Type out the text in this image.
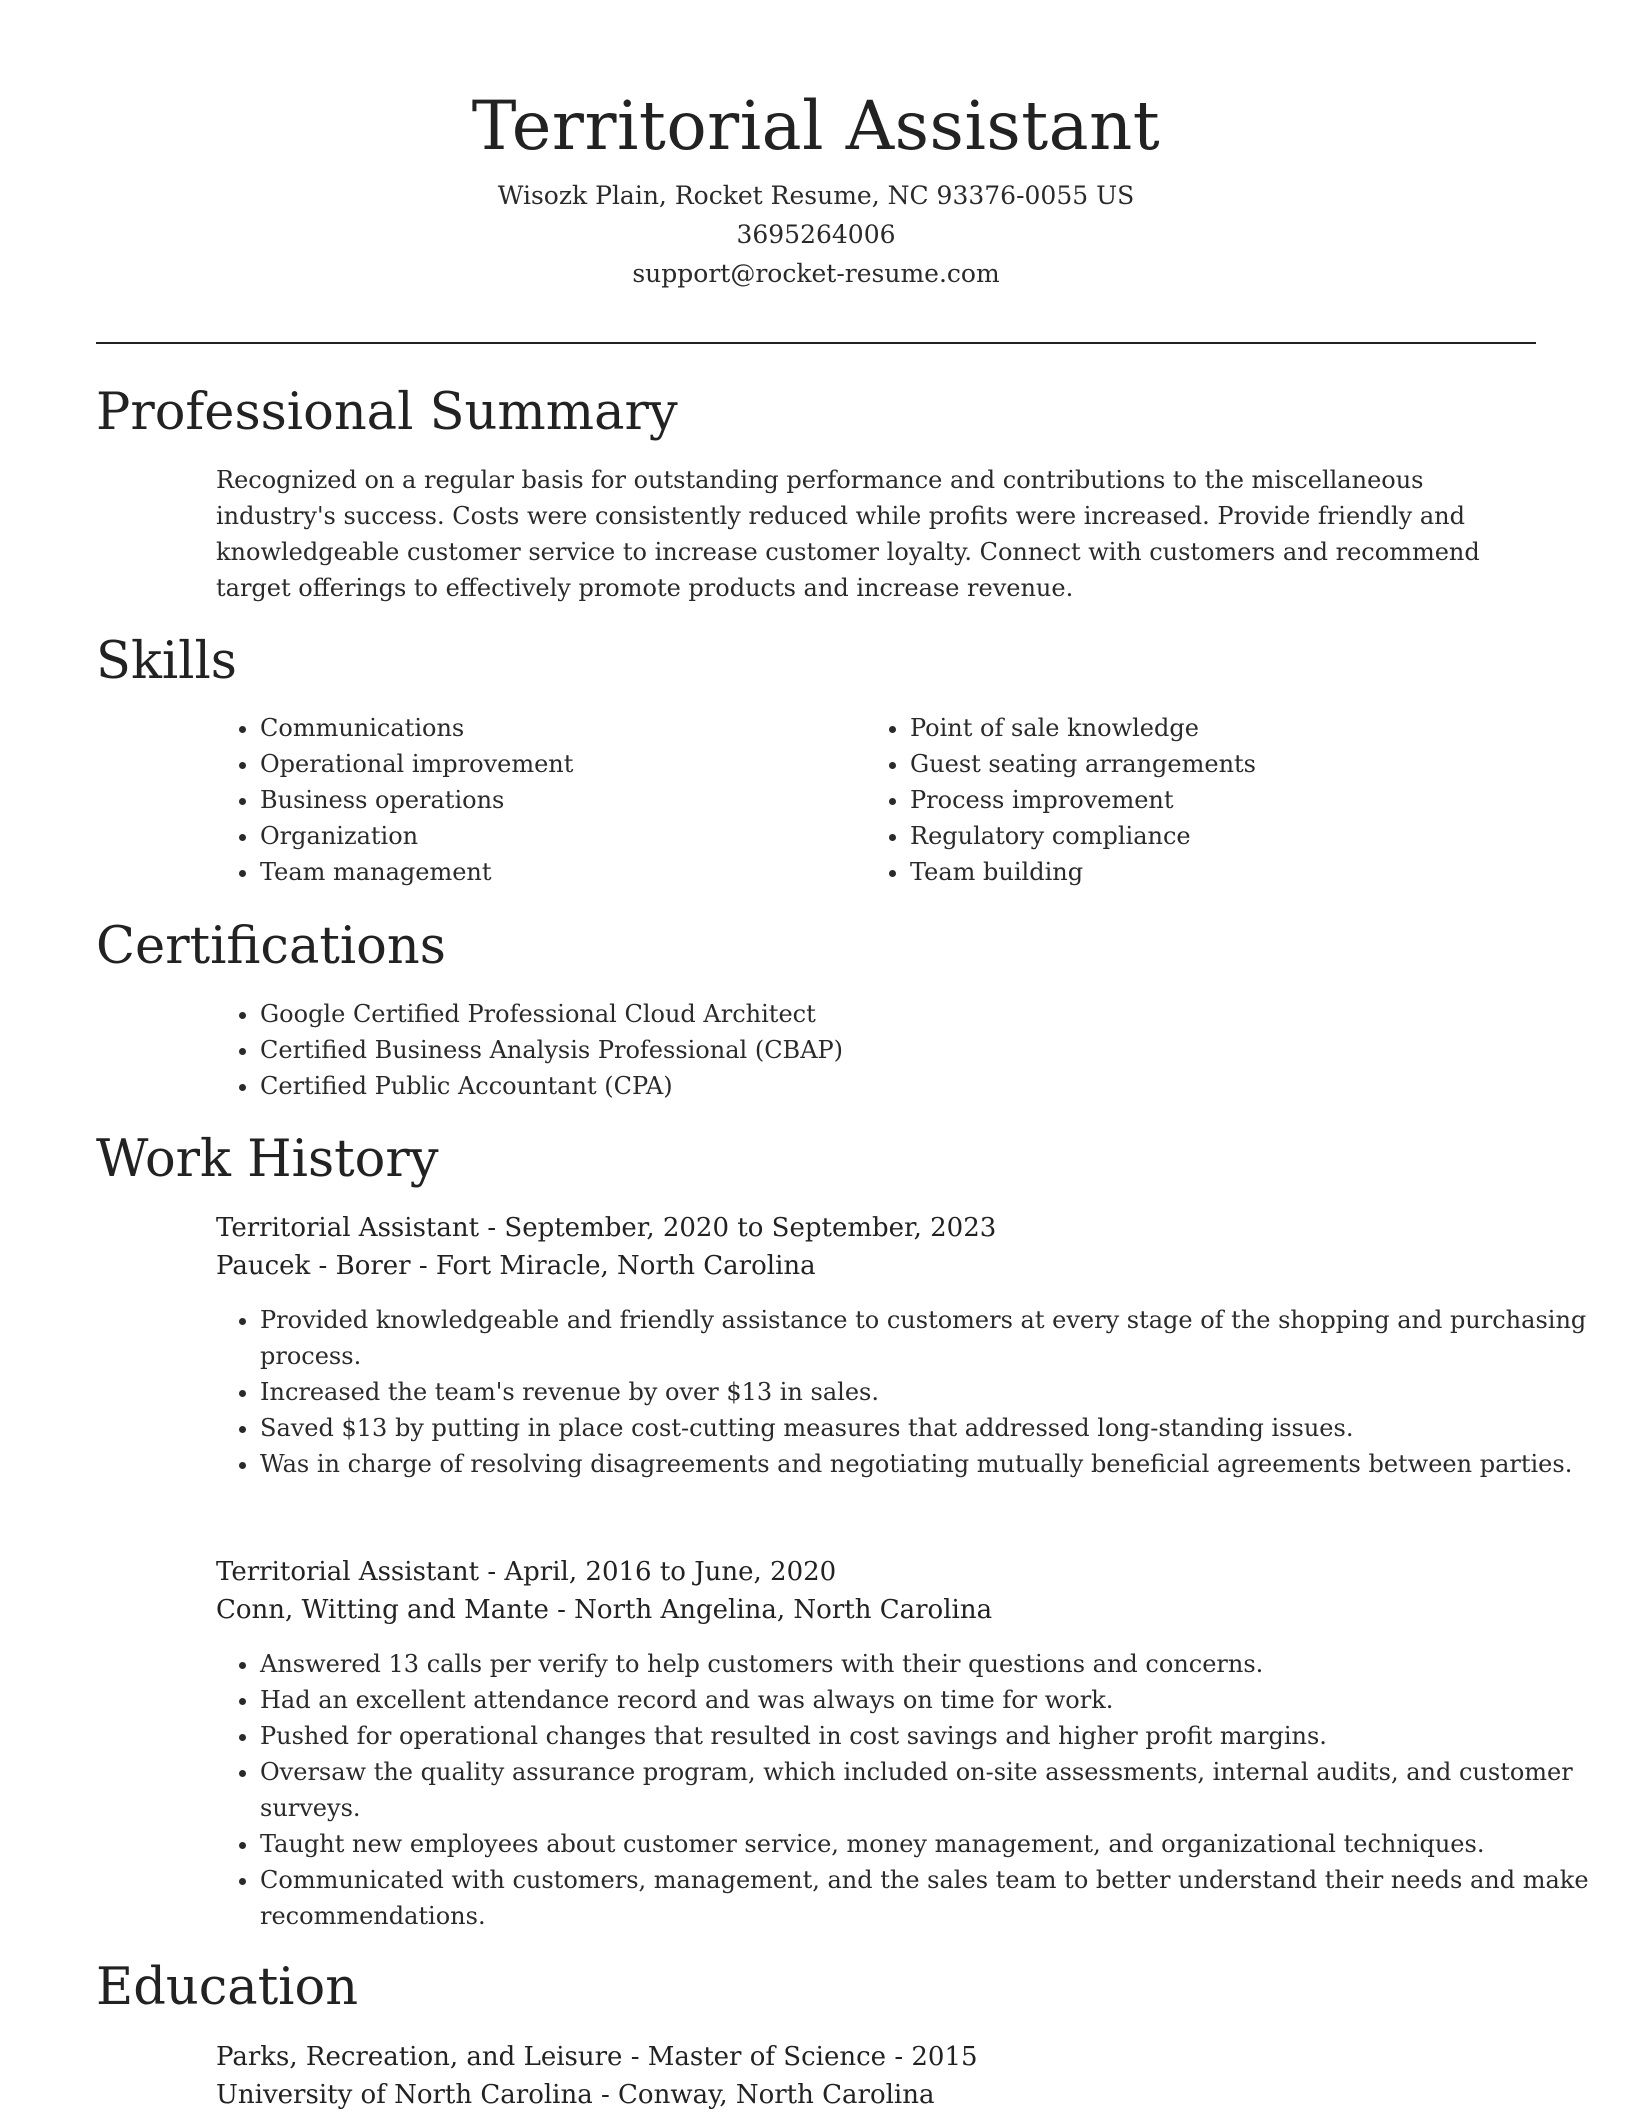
Territorial Assistant
Wisozk Plain, Rocket Resume, NC 93376-0055 US
3695264006
support@rocket-resume.com
Professional Summary

Recognized on a regular basis for outstanding performance and contributions to the miscellaneous industry's success. Costs were consistently reduced while profits were increased. Provide friendly and knowledgeable customer service to increase customer loyalty. Connect with customers and recommend target offerings to effectively promote products and increase revenue.

Skills
• Communications
• Operational improvement
• Business operations
• Organization
• Team management
• Point of sale knowledge
• Guest seating arrangements
• Process improvement
• Regulatory compliance
• Team building
Certifications
• Google Certified Professional Cloud Architect
• Certified Business Analysis Professional (CBAP)
• Certified Public Accountant (CPA)
Work History
Territorial Assistant - September, 2020 to September, 2023
Paucek - Borer - Fort Miracle, North Carolina
• Provided knowledgeable and friendly assistance to customers at every stage of the shopping and purchasing process.
• Increased the team's revenue by over $13 in sales.
• Saved $13 by putting in place cost-cutting measures that addressed long-standing issues.
• Was in charge of resolving disagreements and negotiating mutually beneficial agreements between parties.
Territorial Assistant - April, 2016 to June, 2020
Conn, Witting and Mante - North Angelina, North Carolina
• Answered 13 calls per verify to help customers with their questions and concerns.
• Had an excellent attendance record and was always on time for work.
• Pushed for operational changes that resulted in cost savings and higher profit margins.
• Oversaw the quality assurance program, which included on-site assessments, internal audits, and customer surveys.
• Taught new employees about customer service, money management, and organizational techniques.
• Communicated with customers, management, and the sales team to better understand their needs and make recommendations.
Education
Parks, Recreation, and Leisure - Master of Science - 2015
University of North Carolina - Conway, North Carolina
